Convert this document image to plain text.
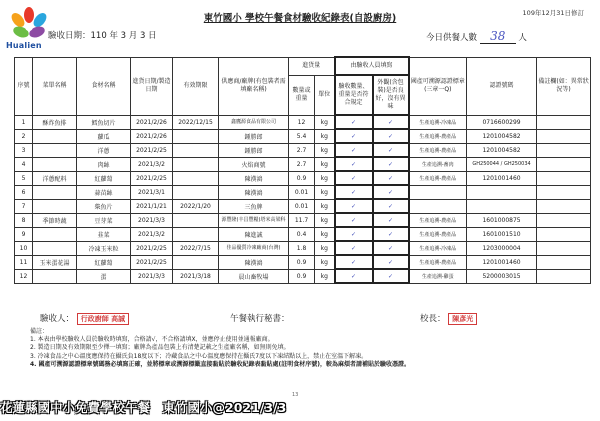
Hualien
東竹國小 學校午餐食材驗收紀錄表(自設廚房)	109年12月31日修訂
驗收日期：110 年 3 月 3 日	今日供餐人數 38 人
序號	菜單名稱	食材名稱	進貨日期/製造日期	有效期限	供應商/廠牌(有包裝者需填廠名稱)	進貨量		由驗收人員填寫		國產可溯源認證標章(三章一Q)	認證號碼	備註欄(如：異常狀況等)
						數量或重量	單位	驗收數量、重量是否符合規定	外觀(含包裝)是否良好，沒有異味			
1	酥炸魚排	鱈魚切片	2021/2/26	2022/12/15	鑫鷹源食品有限公司	12	kg	✓	✓	生產追溯-冷凍品	0716600299	
2		蘿瓜	2021/2/26		鍾勝郎	5.4	kg	✓	✓	生產追溯-農產品	1201004582	
3		洋蔥	2021/2/25		鍾勝郎	2.7	kg	✓	✓	生產追溯-農產品	1201004582	
4		肉絲	2021/3/2		火焰商號	2.7	kg	✓	✓	生產追溯-畜肉	GH250044 / GH250034	
5	洋蔥配料	紅蘿蔔	2021/2/25		陳漢鴻	0.9	kg	✓	✓	生產追溯-農產品	1201001460	
6		蒜苗絲	2021/3/1		陳漢鴻	0.01	kg	✓	✓			
7		柴魚片	2021/1/21	2022/1/20	三魚牌	0.01	kg	✓	✓			
8	季節時蔬	豆芽菜	2021/3/3		源豐隆(丰昌豐糧)塔米高梁科	11.7	kg	✓	✓	生產追溯-農產品	1601000875	
9		韭菜	2021/3/2		陳進誠	0.4	kg	✓	✓	生產追溯-農產品	1601001510	
10		冷凍玉米粒	2021/2/25	2022/7/15	佳品優質冷凍廠商(台灣)	1.8	kg	✓	✓	生產追溯-冷凍品	1203000004	
11	玉米蛋花湯	紅蘿蔔	2021/2/25		陳漢鴻	0.9	kg	✓	✓	生產追溯-農產品	1201001460	
12		蛋	2021/3/3	2021/3/18	晨山畜牧場	0.9	kg	✓	✓	生產追溯-雞蛋	5200003015	
驗收人： 行政廚師 高誠	午餐執行秘書：	校長： 陳彥光
備註：
1. 本表由學校驗收人員於驗收時填寫，合格請√，不合格請填X，並應停止使用並通報廠商。
2. 製造日期及有效期限至少擇一填寫；廠牌為產品包裝上有清楚記載之生產廠名稱，如無則免填。
3. 冷凍食品之中心溫度應保持在攝氏負18度以下；冷藏食品之中心溫度應保持在攝氏7度以下凍結點以上，禁止在室溫下解凍。
4. 國產可溯源認證標章號碼務必填寫正確，並將標章或溯源標籤直接黏貼於驗收紀錄表黏貼處(註明食材序號)，較為麻煩者請補貼於驗收憑證。
13
花蓮縣國中小免費學校午餐　東竹國小@2021/3/3
